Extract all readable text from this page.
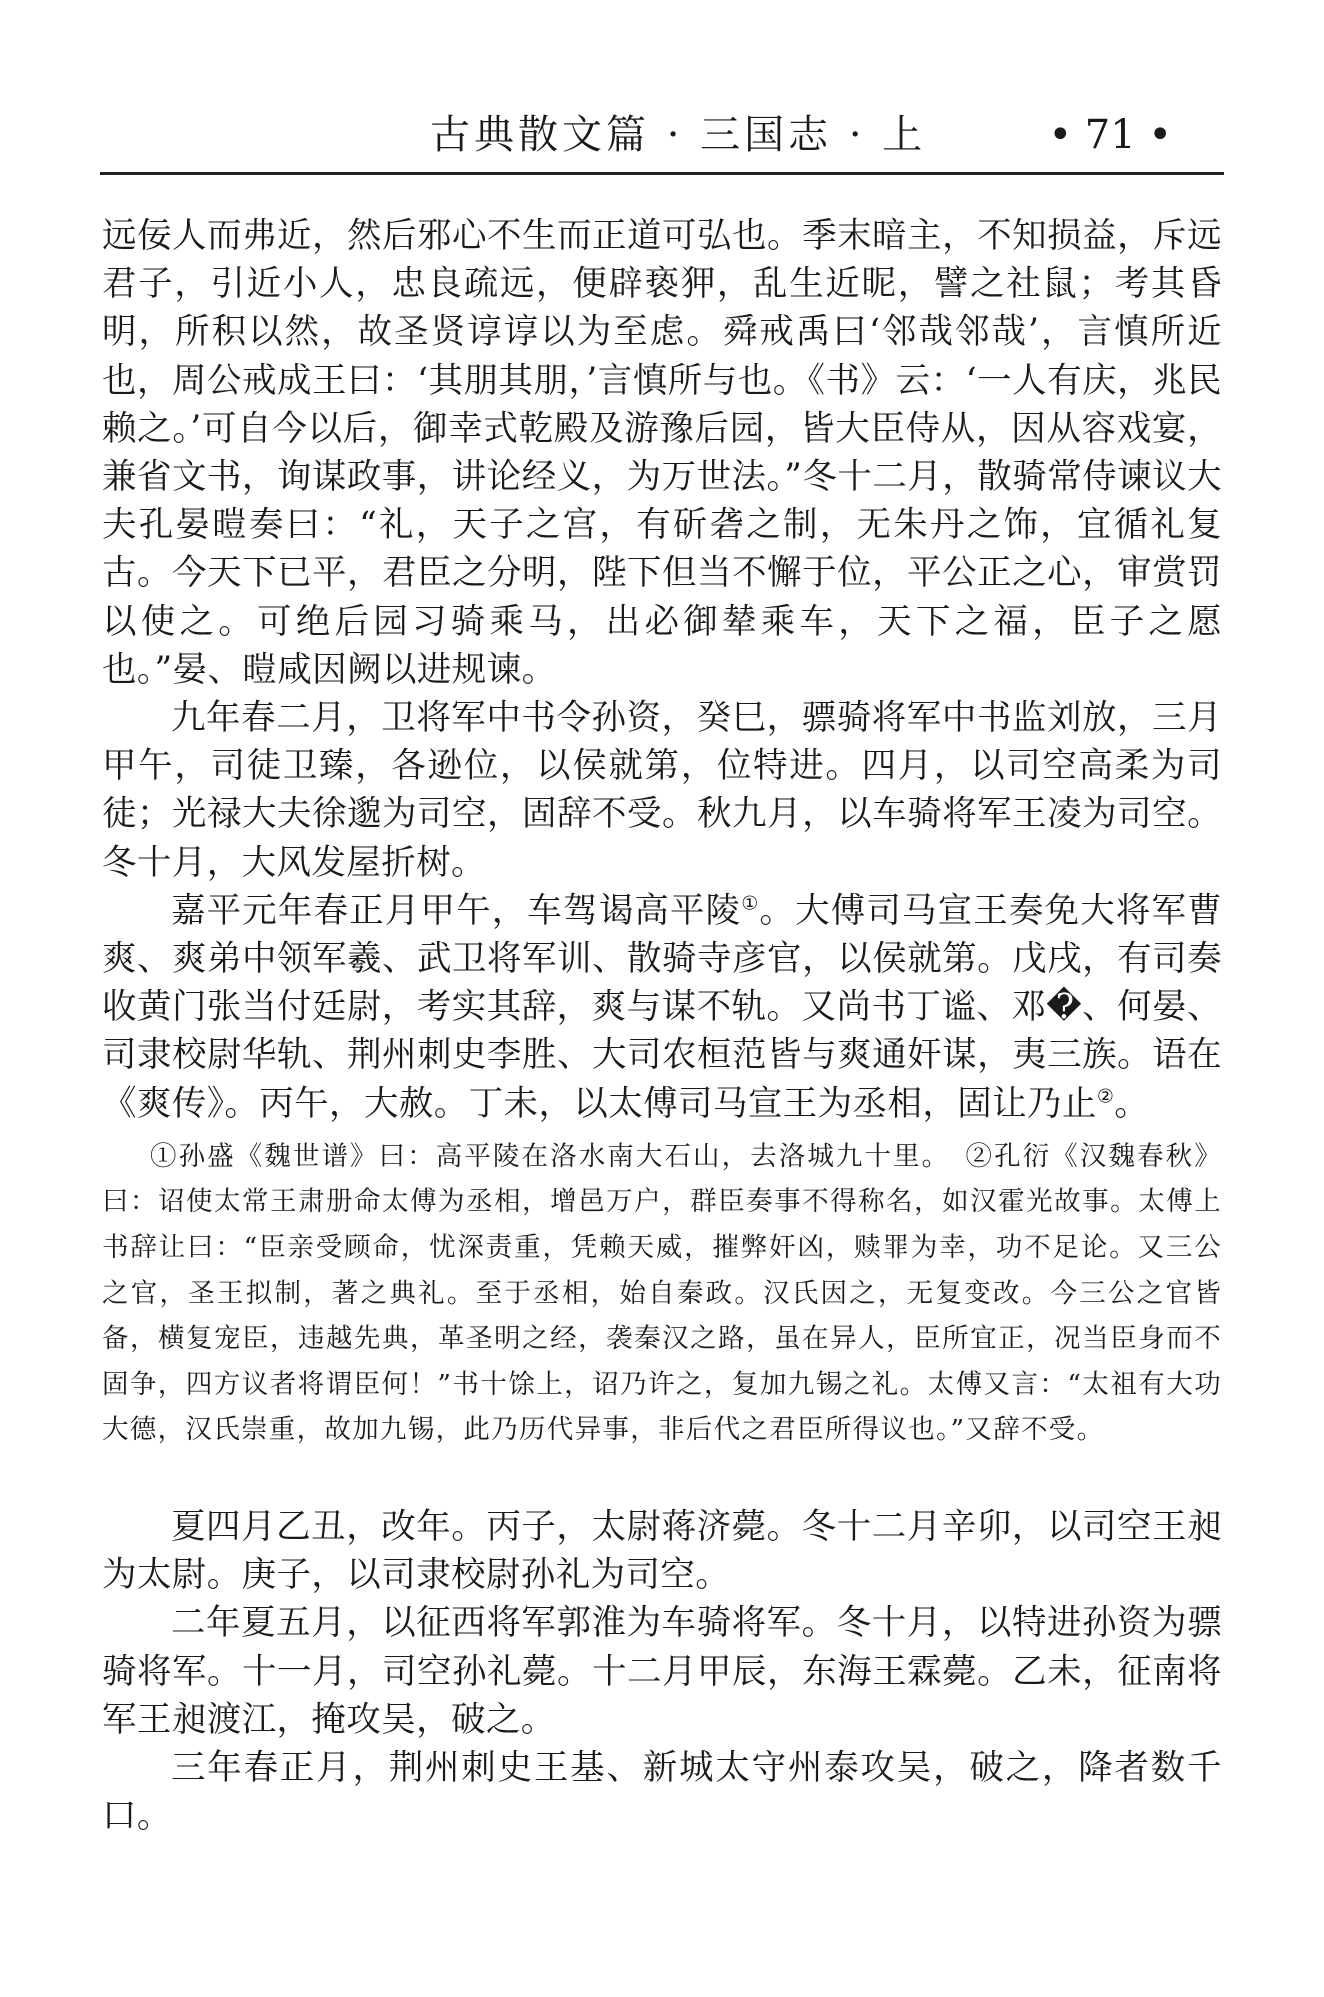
古典散文篇 · 三国志 · 上	• 71 •

远佞人而弗近，然后邪心不生而正道可弘也。季末暗主，不知损益，斥远君子，引近小人，忠良疏远，便辟亵狎，乱生近昵，譬之社鼠；考其昏明，所积以然，故圣贤谆谆以为至虑。舜戒禹曰‘邻哉邻哉’，言慎所近也，周公戒成王曰：‘其朋其朋，’言慎所与也。《书》云：‘一人有庆，兆民赖之。’可自今以后，御幸式乾殿及游豫后园，皆大臣侍从，因从容戏宴，兼省文书，询谋政事，讲论经义，为万世法。”冬十二月，散骑常侍谏议大夫孔晏暟奏曰：“礼，天子之宫，有斫砻之制，无朱丹之饰，宜循礼复古。今天下已平，君臣之分明，陛下但当不懈于位，平公正之心，审赏罚以使之。可绝后园习骑乘马，出必御辇乘车，天下之福，臣子之愿也。”晏、暟咸因阙以进规谏。

九年春二月，卫将军中书令孙资，癸巳，骠骑将军中书监刘放，三月甲午，司徒卫臻，各逊位，以侯就第，位特进。四月，以司空高柔为司徒；光禄大夫徐邈为司空，固辞不受。秋九月，以车骑将军王凌为司空。冬十月，大风发屋折树。

嘉平元年春正月甲午，车驾谒高平陵①。大傅司马宣王奏免大将军曹爽、爽弟中领军羲、武卫将军训、散骑寺彦官，以侯就第。戊戌，有司奏收黄门张当付廷尉，考实其辞，爽与谋不轨。又尚书丁谧、邓�、何晏、司隶校尉华轨、荆州刺史李胜、大司农桓范皆与爽通奸谋，夷三族。语在《爽传》。丙午，大赦。丁未，以太傅司马宣王为丞相，固让乃止②。

①孙盛《魏世谱》曰：高平陵在洛水南大石山，去洛城九十里。　②孔衍《汉魏春秋》曰：诏使太常王肃册命太傅为丞相，增邑万户，群臣奏事不得称名，如汉霍光故事。太傅上书辞让曰：“臣亲受顾命，忧深责重，凭赖天威，摧弊奸凶，赎罪为幸，功不足论。又三公之官，圣王拟制，著之典礼。至于丞相，始自秦政。汉氏因之，无复变改。今三公之官皆备，横复宠臣，违越先典，革圣明之经，袭秦汉之路，虽在异人，臣所宜正，况当臣身而不固争，四方议者将谓臣何！”书十馀上，诏乃许之，复加九锡之礼。太傅又言：“太祖有大功大德，汉氏崇重，故加九锡，此乃历代异事，非后代之君臣所得议也。”又辞不受。

夏四月乙丑，改年。丙子，太尉蒋济薨。冬十二月辛卯，以司空王昶为太尉。庚子，以司隶校尉孙礼为司空。

二年夏五月，以征西将军郭淮为车骑将军。冬十月，以特进孙资为骠骑将军。十一月，司空孙礼薨。十二月甲辰，东海王霖薨。乙未，征南将军王昶渡江，掩攻吴，破之。

三年春正月，荆州刺史王基、新城太守州泰攻吴，破之，降者数千口。
